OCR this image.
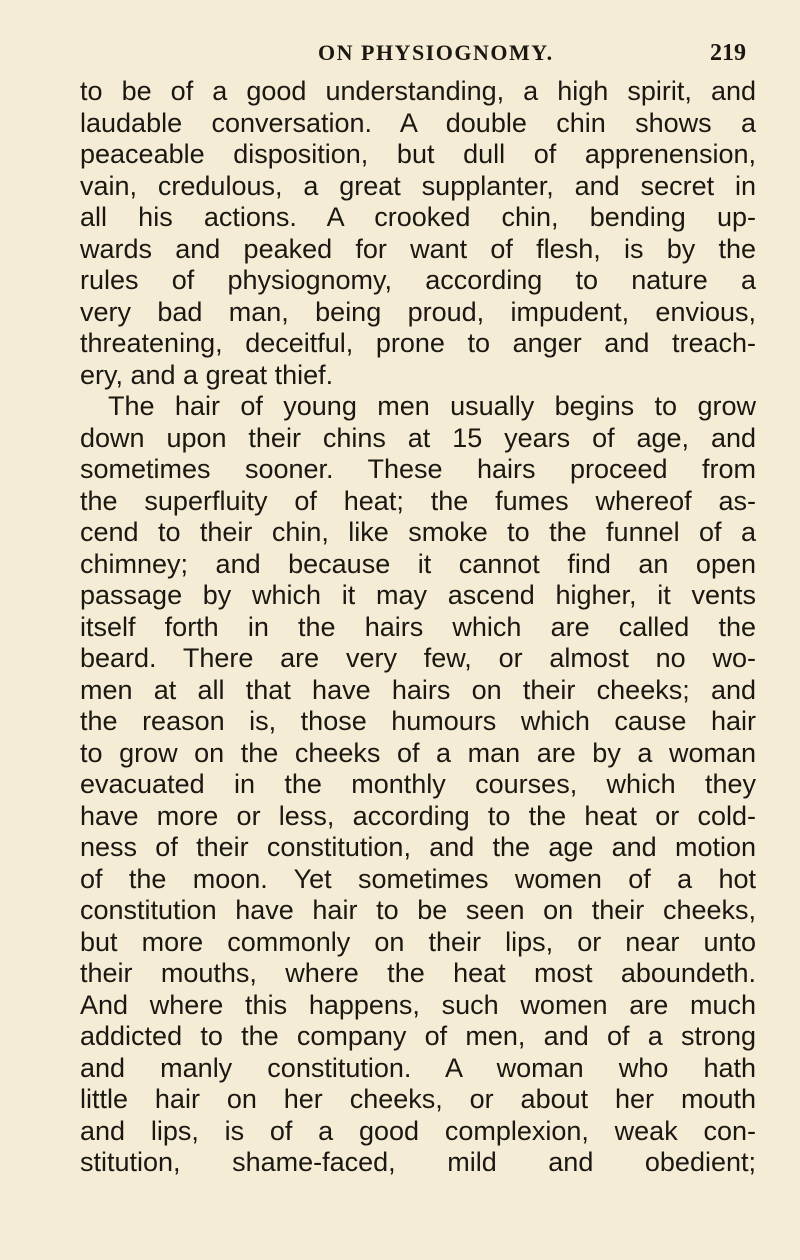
ON PHYSIOGNOMY.	219
to be of a good understanding, a high spirit, and
laudable conversation. A double chin shows a
peaceable disposition, but dull of apprenension,
vain, credulous, a great supplanter, and secret in
all his actions. A crooked chin, bending up-
wards and peaked for want of flesh, is by the
rules of physiognomy, according to nature a
very bad man, being proud, impudent, envious,
threatening, deceitful, prone to anger and treach-
ery, and a great thief.
The hair of young men usually begins to grow
down upon their chins at 15 years of age, and
sometimes sooner. These hairs proceed from
the superfluity of heat; the fumes whereof as-
cend to their chin, like smoke to the funnel of a
chimney; and because it cannot find an open
passage by which it may ascend higher, it vents
itself forth in the hairs which are called the
beard. There are very few, or almost no wo-
men at all that have hairs on their cheeks; and
the reason is, those humours which cause hair
to grow on the cheeks of a man are by a woman
evacuated in the monthly courses, which they
have more or less, according to the heat or cold-
ness of their constitution, and the age and motion
of the moon. Yet sometimes women of a hot
constitution have hair to be seen on their cheeks,
but more commonly on their lips, or near unto
their mouths, where the heat most aboundeth.
And where this happens, such women are much
addicted to the company of men, and of a strong
and manly constitution. A woman who hath
little hair on her cheeks, or about her mouth
and lips, is of a good complexion, weak con-
stitution, shame-faced, mild and obedient;
